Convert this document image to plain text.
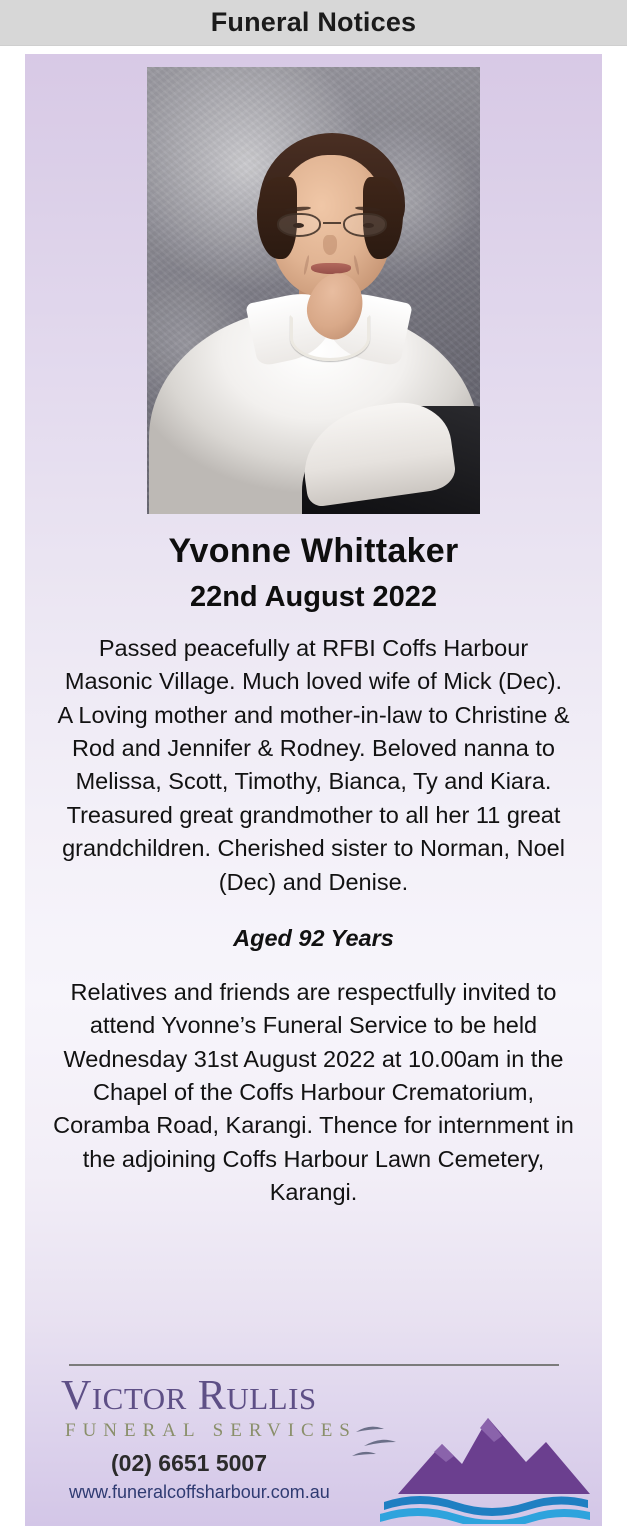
Funeral Notices
Yvonne Whittaker
22nd August 2022
Passed peacefully at RFBI Coffs Harbour Masonic Village. Much loved wife of Mick (Dec). A Loving mother and mother-in-law to Christine & Rod and Jennifer & Rodney. Beloved nanna to Melissa, Scott, Timothy, Bianca, Ty and Kiara. Treasured great grandmother to all her 11 great grandchildren. Cherished sister to Norman, Noel (Dec) and Denise.
Aged 92 Years
Relatives and friends are respectfully invited to attend Yvonne’s Funeral Service to be held Wednesday 31st August 2022 at 10.00am in the Chapel of the Coffs Harbour Crematorium, Coramba Road, Karangi. Thence for internment in the adjoining Coffs Harbour Lawn Cemetery, Karangi.
VICTOR RULLIS
FUNERAL SERVICES
(02) 6651 5007
www.funeralcoffsharbour.com.au
